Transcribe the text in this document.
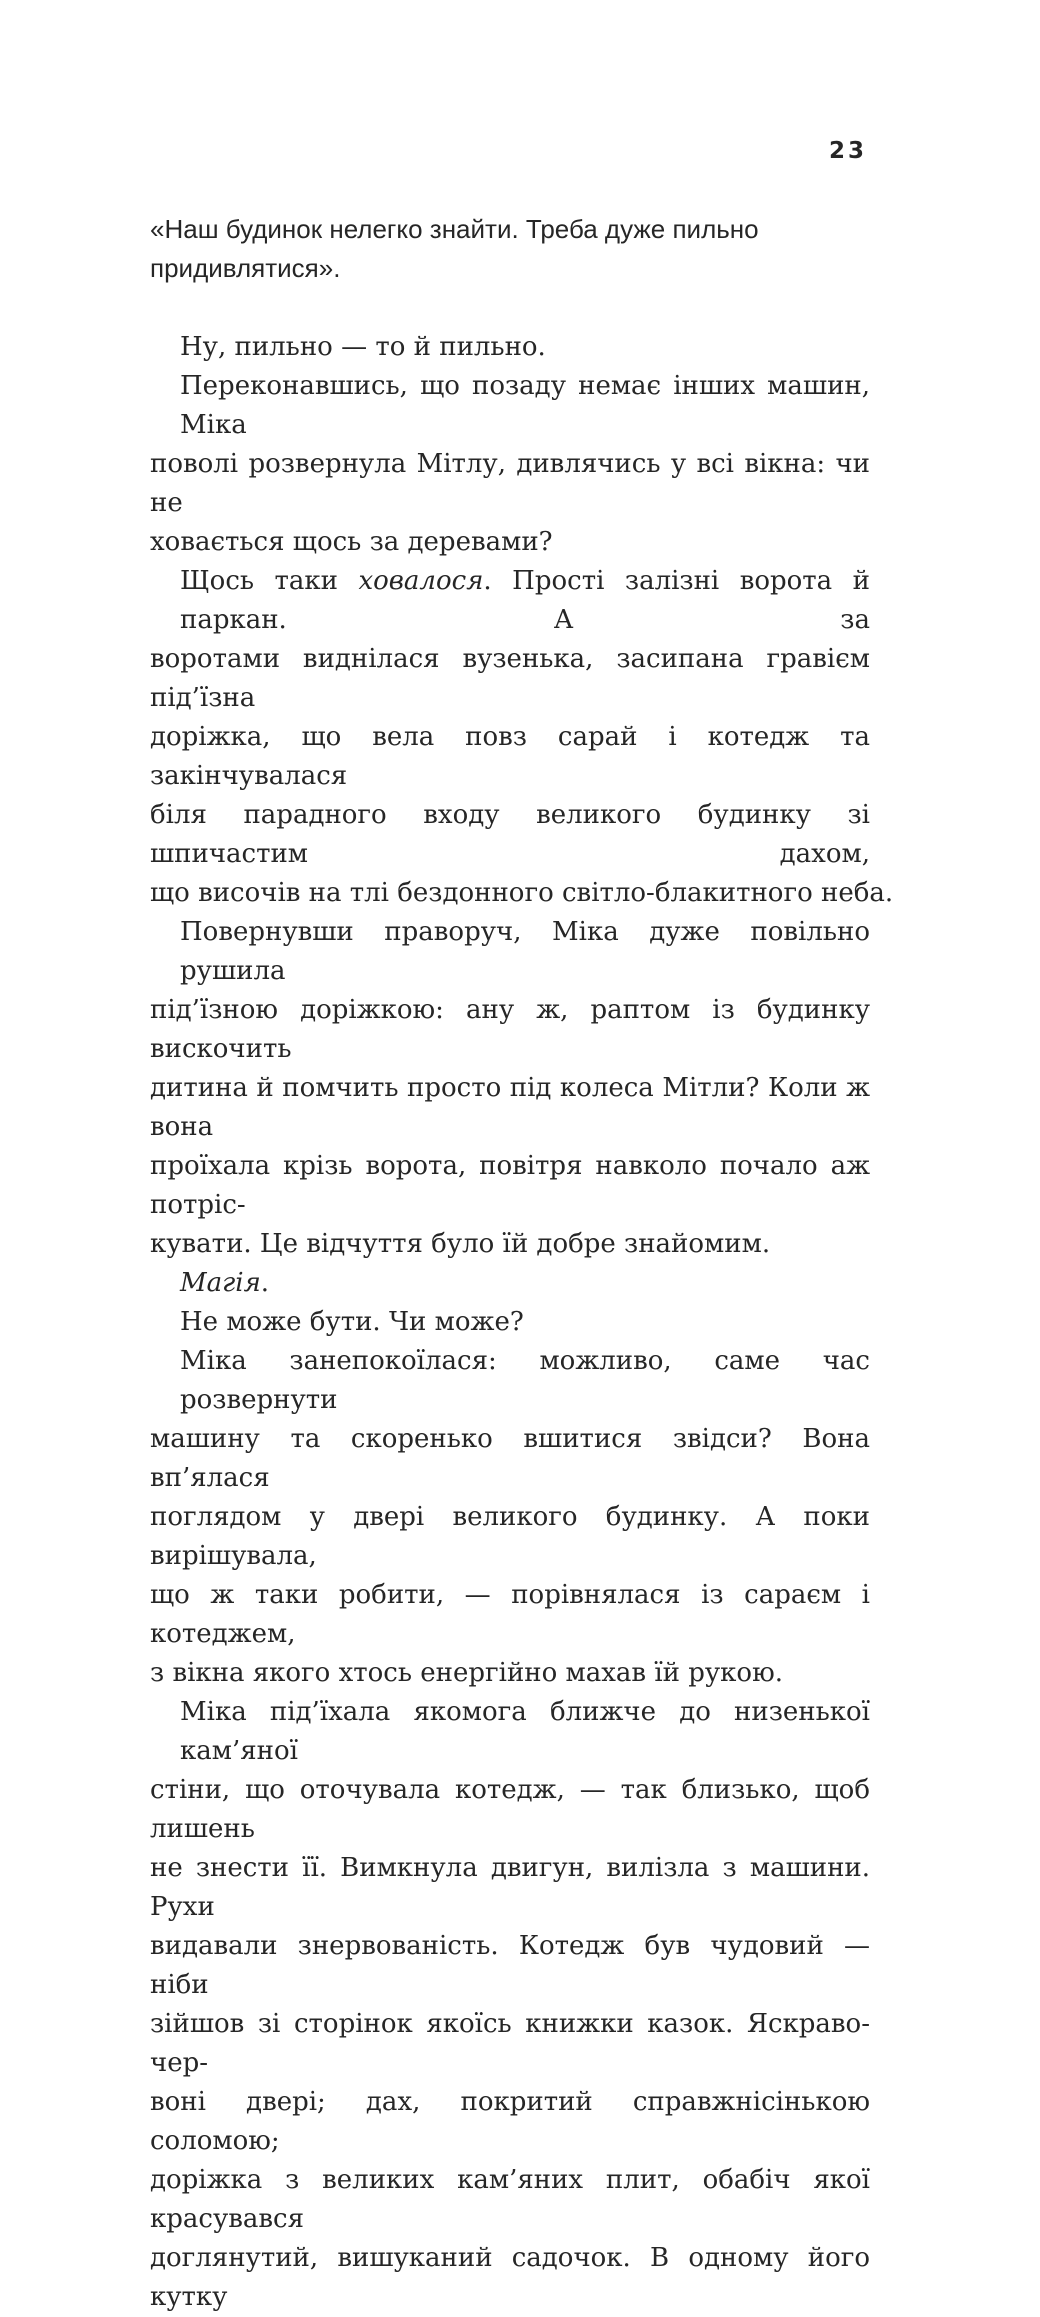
23

«Наш будинок нелегко знайти. Треба дуже пильно

придивлятися».

Ну, пильно — то й пильно.
Переконавшись, що позаду немає інших машин, Міка
поволі розвернула Мітлу, дивлячись у всі вікна: чи не
ховається щось за деревами?
Щось таки ховалося. Прості залізні ворота й паркан. А за
воротами виднілася вузенька, засипана гравієм під’їзна
доріжка, що вела повз сарай і котедж та закінчувалася
біля парадного входу великого будинку зі шпичастим дахом,
що височів на тлі бездонного світло-блакитного неба.
Повернувши праворуч, Міка дуже повільно рушила
під’їзною доріжкою: ану ж, раптом із будинку вискочить
дитина й помчить просто під колеса Мітли? Коли ж вона
проїхала крізь ворота, повітря навколо почало аж потріс-
кувати. Це відчуття було їй добре знайомим.
Магія.
Не може бути. Чи може?
Міка занепокоїлася: можливо, саме час розвернути
машину та скоренько вшитися звідси? Вона вп’ялася
поглядом у двері великого будинку. А поки вирішувала,
що ж таки робити, — порівнялася із сараєм і котеджем,
з вікна якого хтось енергійно махав їй рукою.
Міка під’їхала якомога ближче до низенької кам’яної
стіни, що оточувала котедж, — так близько, щоб лишень
не знести її. Вимкнула двигун, вилізла з машини. Рухи
видавали знервованість. Котедж був чудовий — ніби
зійшов зі сторінок якоїсь книжки казок. Яскраво-чер-
воні двері; дах, покритий справжнісінькою соломою;
доріжка з великих кам’яних плит, обабіч якої красувався
доглянутий, вишуканий садочок. В одному його кутку
